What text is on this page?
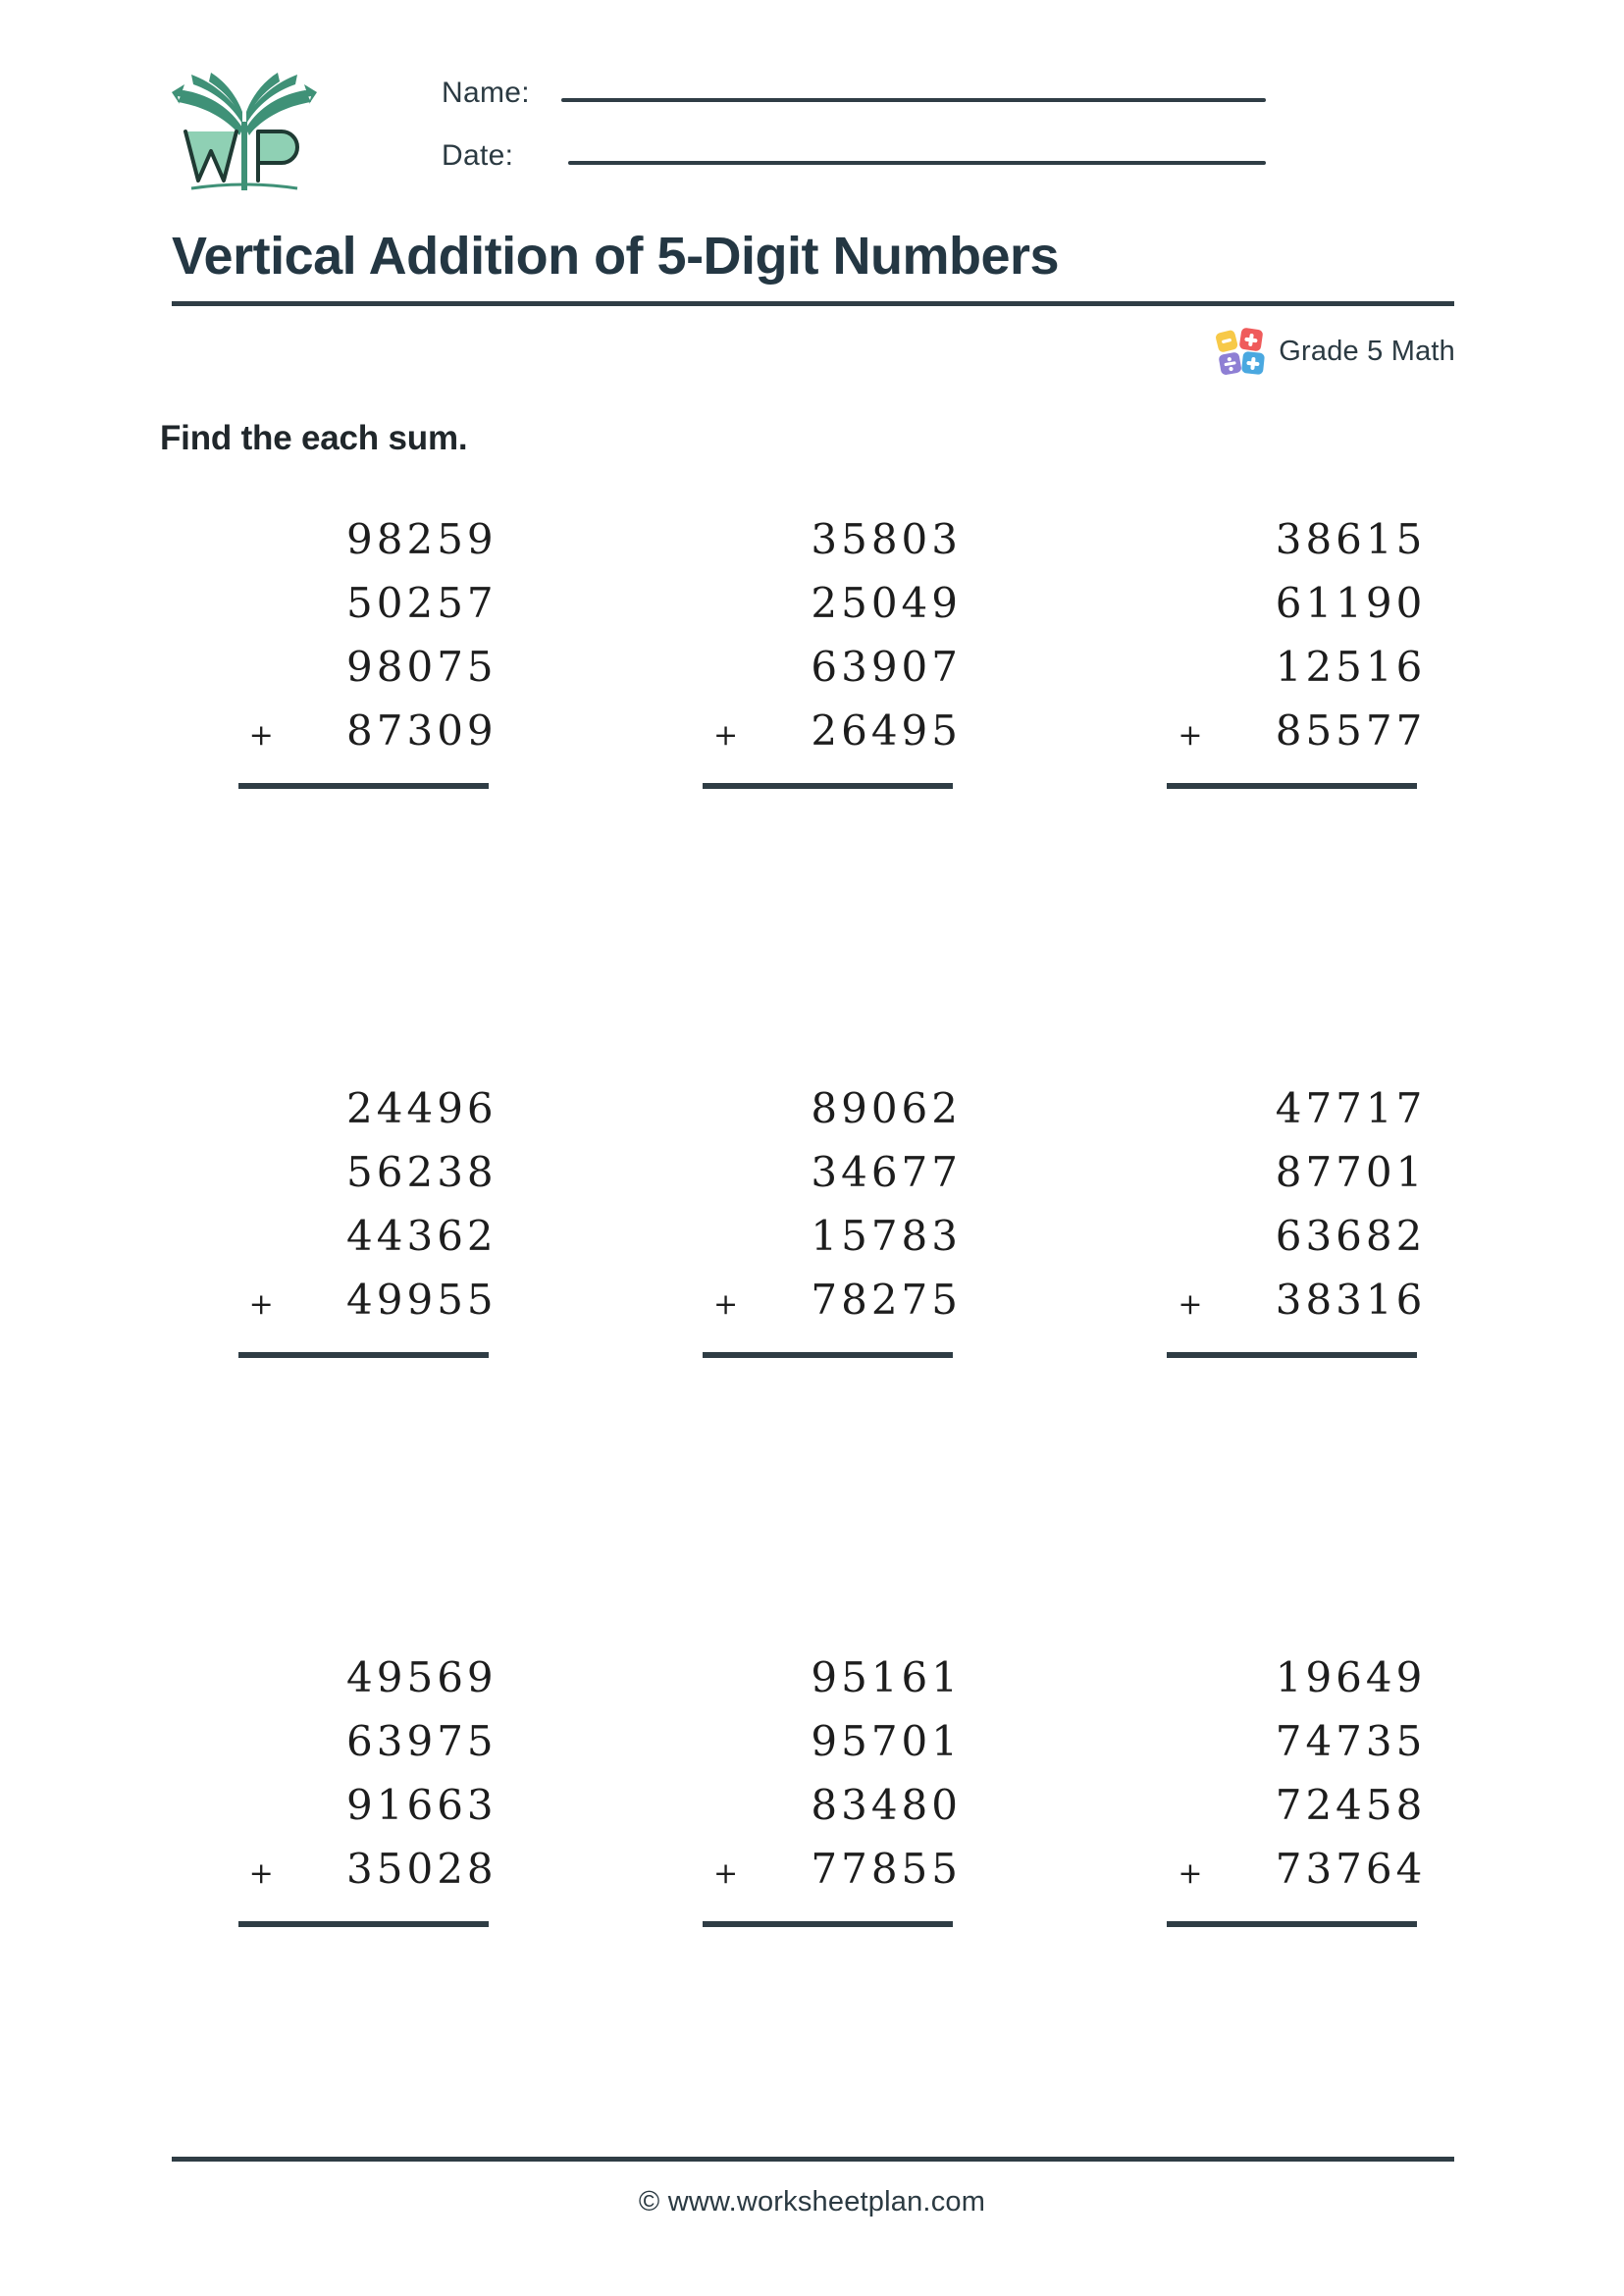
Name:
Date:
Vertical Addition of 5-Digit Numbers
Grade 5 Math
Find the each sum.
98259
50257
98075
+	87309
35803
25049
63907
+	26495
38615
61190
12516
+	85577
24496
56238
44362
+	49955
89062
34677
15783
+	78275
47717
87701
63682
+	38316
49569
63975
91663
+	35028
95161
95701
83480
+	77855
19649
74735
72458
+	73764
© www.worksheetplan.com
